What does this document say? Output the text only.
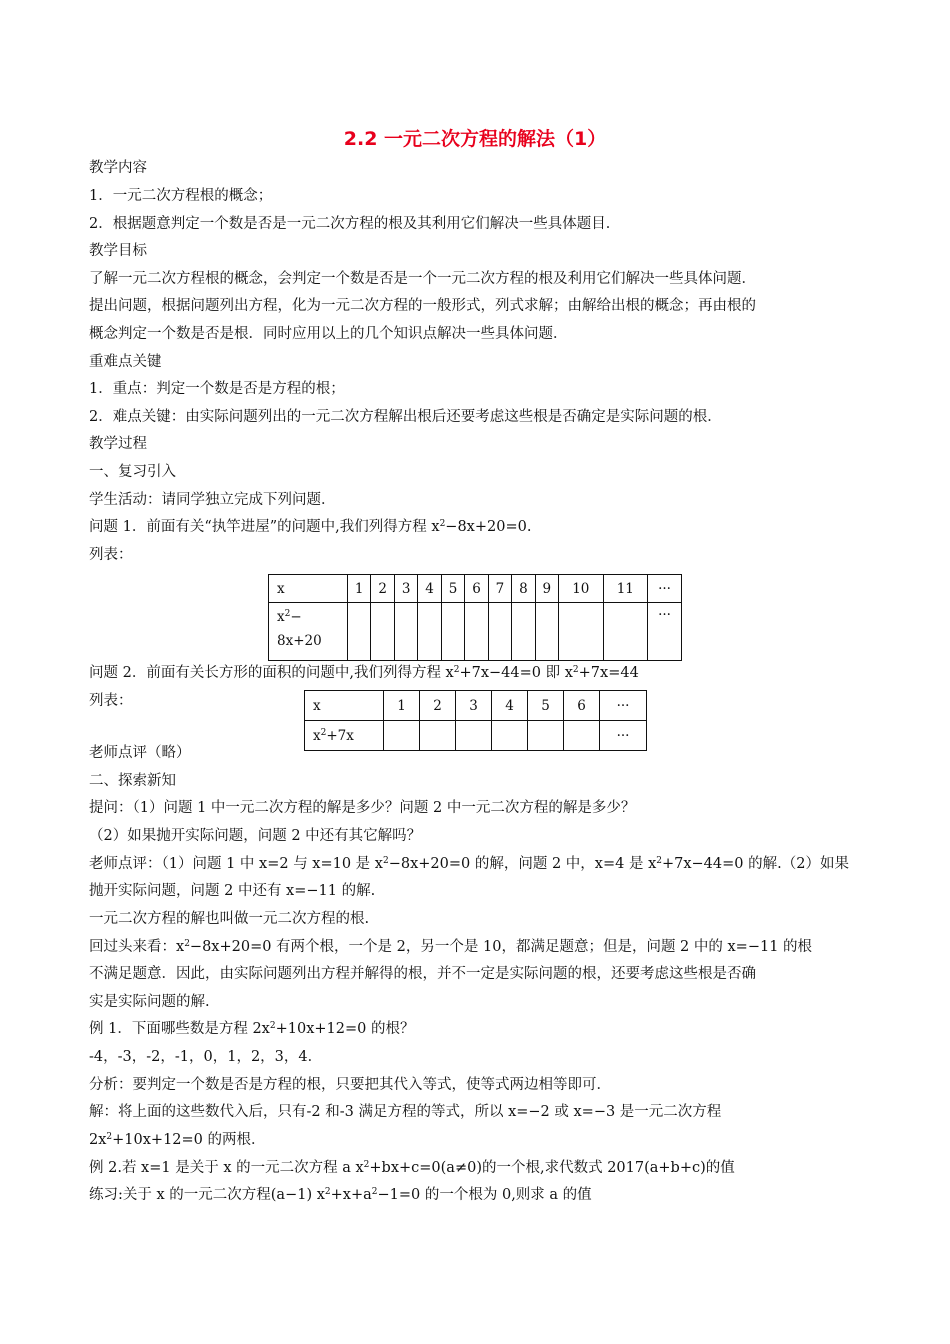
2.2 一元二次方程的解法（1）
教学内容
1．一元二次方程根的概念；
2．根据题意判定一个数是否是一元二次方程的根及其利用它们解决一些具体题目．
教学目标
了解一元二次方程根的概念，会判定一个数是否是一个一元二次方程的根及利用它们解决一些具体问题．
提出问题，根据问题列出方程，化为一元二次方程的一般形式，列式求解；由解给出根的概念；再由根的
概念判定一个数是否是根．同时应用以上的几个知识点解决一些具体问题．
重难点关键
1．重点：判定一个数是否是方程的根；
2．难点关键：由实际问题列出的一元二次方程解出根后还要考虑这些根是否确定是实际问题的根．
教学过程
一、复习引入
学生活动：请同学独立完成下列问题．
问题 1．前面有关“执竿进屋”的问题中,我们列得方程 $x^2-8x+20=0$.
列表：
x	1	2	3	4	5	6	7	8	9	10	11	···
$x^2-$
8x+20												···
问题 2．前面有关长方形的面积的问题中,我们列得方程 $x^2+7x-44=0$ 即 $x^2+7x=44$
列表：	x	1	2	3	4	5	6	···
$x^2+7x$							···
老师点评（略）
二、探索新知
提问：（1）问题 1 中一元二次方程的解是多少？问题 2 中一元二次方程的解是多少？
（2）如果抛开实际问题，问题 2 中还有其它解吗？
老师点评：（1）问题 1 中 x=2 与 x=10 是 $x^2-8x+20=0$ 的解，问题 2 中，x=4 是 $x^2+7x-44=0$ 的解.（2）如果
抛开实际问题，问题 2 中还有 x=−11 的解.
一元二次方程的解也叫做一元二次方程的根.
回过头来看：$x^2-8x+20=0$ 有两个根，一个是 2，另一个是 10，都满足题意；但是，问题 2 中的 x=−11 的根
不满足题意．因此，由实际问题列出方程并解得的根，并不一定是实际问题的根，还要考虑这些根是否确
实是实际问题的解.
例 1．下面哪些数是方程 $2x^2+10x+12=0$ 的根？
-4，-3，-2，-1，0，1，2，3，4．
分析：要判定一个数是否是方程的根，只要把其代入等式，使等式两边相等即可．
解：将上面的这些数代入后，只有-2 和-3 满足方程的等式，所以 x=−2 或 x=−3 是一元二次方程
$2x^2+10x+12=0$ 的两根．
例 2.若 x=1 是关于 x 的一元二次方程 a $x^2+bx+c=0(a\ne 0)$的一个根,求代数式 2017(a+b+c)的值
练习:关于 x 的一元二次方程(a−1) $x^2+x+a^2-1=0$ 的一个根为 0,则求 a 的值
